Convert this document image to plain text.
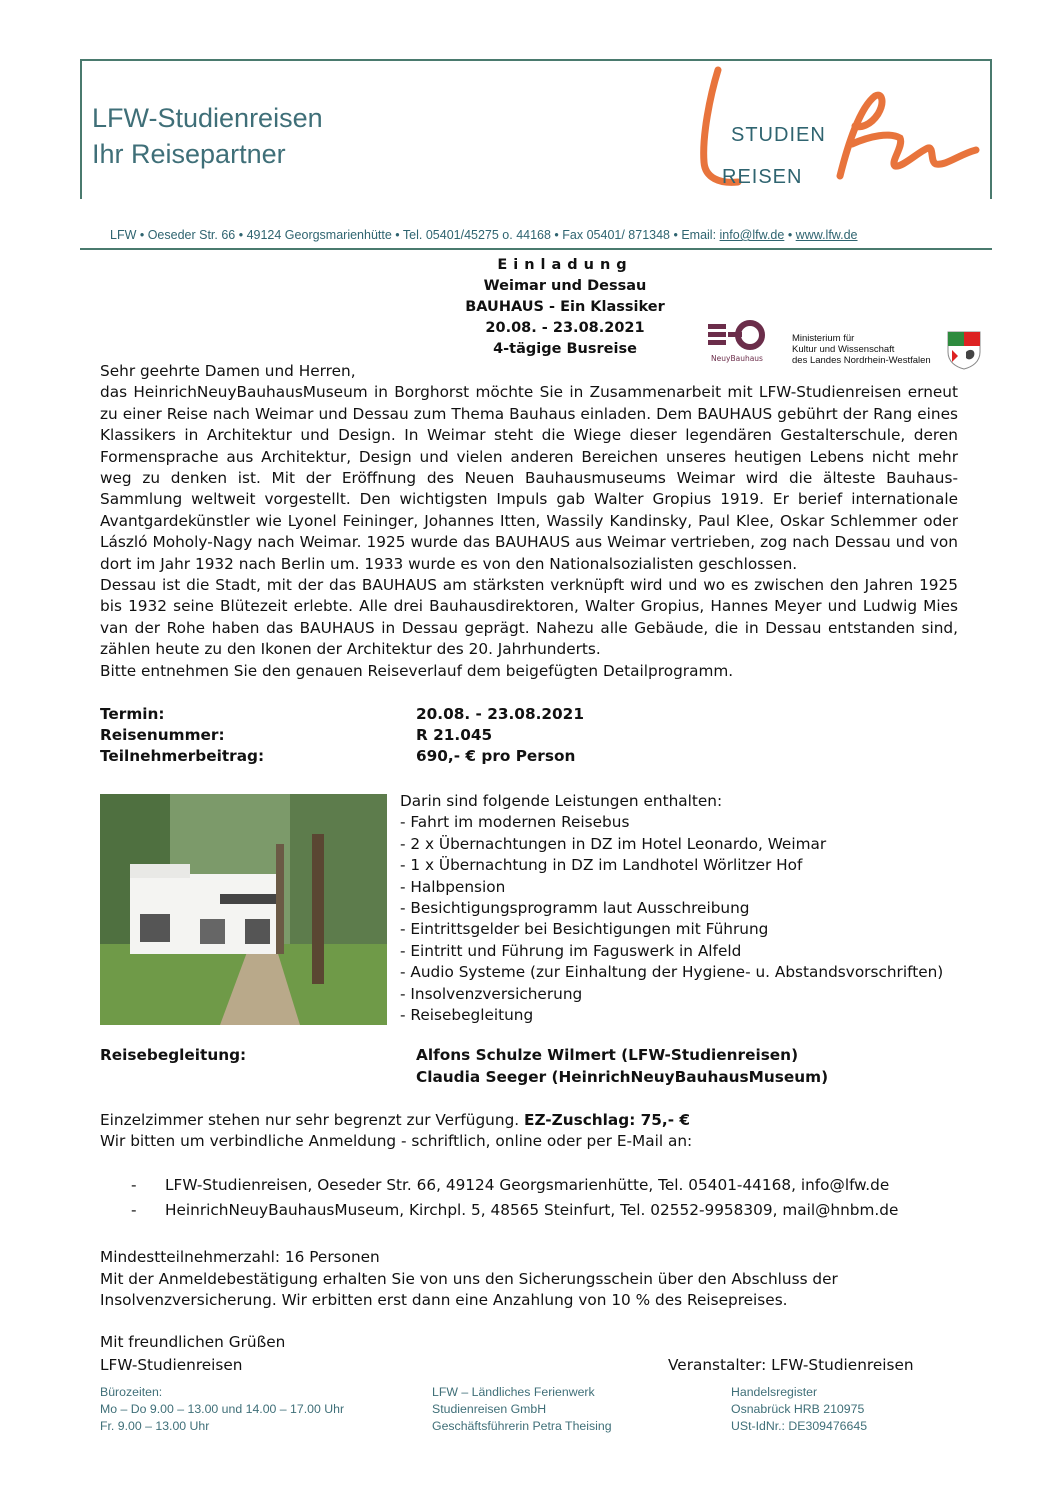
LFW-Studienreisen
Ihr Reisepartner
STUDIEN
REISEN
LFW • Oeseder Str. 66 • 49124 Georgsmarienhütte • Tel. 05401/45275 o. 44168 • Fax 05401/ 871348 • Email: info@lfw.de • www.lfw.de
Einladung
Weimar und Dessau
BAUHAUS - Ein Klassiker
20.08. - 23.08.2021
4-tägige Busreise
NeuyBauhaus
Ministerium für
Kultur und Wissenschaft
des Landes Nordrhein-Westfalen

Sehr geehrte Damen und Herren,

das HeinrichNeuyBauhausMuseum in Borghorst möchte Sie in Zusammenarbeit mit LFW-Studienreisen erneut zu einer Reise nach Weimar und Dessau zum Thema Bauhaus einladen. Dem BAUHAUS gebührt der Rang eines Klassikers in Architektur und Design. In Weimar steht die Wiege dieser legendären Gestalterschule, deren Formensprache aus Architektur, Design und vielen anderen Bereichen unseres heutigen Lebens nicht mehr weg zu denken ist. Mit der Eröffnung des Neuen Bauhausmuseums Weimar wird die älteste Bauhaus-Sammlung weltweit vorgestellt. Den wichtigsten Impuls gab Walter Gropius 1919. Er berief internationale Avantgardekünstler wie Lyonel Feininger, Johannes Itten, Wassily Kandinsky, Paul Klee, Oskar Schlemmer oder László Moholy-Nagy nach Weimar. 1925 wurde das BAUHAUS aus Weimar vertrieben, zog nach Dessau und von dort im Jahr 1932 nach Berlin um. 1933 wurde es von den Nationalsozialisten geschlossen.

Dessau ist die Stadt, mit der das BAUHAUS am stärksten verknüpft wird und wo es zwischen den Jahren 1925 bis 1932 seine Blütezeit erlebte. Alle drei Bauhausdirektoren, Walter Gropius, Hannes Meyer und Ludwig Mies van der Rohe haben das BAUHAUS in Dessau geprägt. Nahezu alle Gebäude, die in Dessau entstanden sind, zählen heute zu den Ikonen der Architektur des 20. Jahrhunderts.

Bitte entnehmen Sie den genauen Reiseverlauf dem beigefügten Detailprogramm.

Termin:	20.08. - 23.08.2021
Reisenummer:	R 21.045
Teilnehmerbeitrag:	690,- € pro Person
Darin sind folgende Leistungen enthalten:
- Fahrt im modernen Reisebus
- 2 x Übernachtungen in DZ im Hotel Leonardo, Weimar
- 1 x Übernachtung in DZ im Landhotel Wörlitzer Hof
- Halbpension
- Besichtigungsprogramm laut Ausschreibung
- Eintrittsgelder bei Besichtigungen mit Führung
- Eintritt und Führung im Faguswerk in Alfeld
- Audio Systeme (zur Einhaltung der Hygiene- u. Abstandsvorschriften)
- Insolvenzversicherung
- Reisebegleitung
Reisebegleitung:	Alfons Schulze Wilmert (LFW-Studienreisen)
Claudia Seeger (HeinrichNeuyBauhausMuseum)
Einzelzimmer stehen nur sehr begrenzt zur Verfügung. EZ-Zuschlag: 75,- €
Wir bitten um verbindliche Anmeldung - schriftlich, online oder per E-Mail an:
- LFW-Studienreisen, Oeseder Str. 66, 49124 Georgsmarienhütte, Tel. 05401-44168, info@lfw.de
- HeinrichNeuyBauhausMuseum, Kirchpl. 5, 48565 Steinfurt, Tel. 02552-9958309, mail@hnbm.de
Mindestteilnehmerzahl: 16 Personen
Mit der Anmeldebestätigung erhalten Sie von uns den Sicherungsschein über den Abschluss der Insolvenzversicherung. Wir erbitten erst dann eine Anzahlung von 10 % des Reisepreises.
Mit freundlichen Grüßen
LFW-Studienreisen	Veranstalter: LFW-Studienreisen
Bürozeiten:
Mo – Do 9.00 – 13.00 und 14.00 – 17.00 Uhr
Fr. 9.00 – 13.00 Uhr
LFW – Ländliches Ferienwerk
Studienreisen GmbH
Geschäftsführerin Petra Theising
Handelsregister
Osnabrück HRB 210975
USt-IdNr.: DE309476645
